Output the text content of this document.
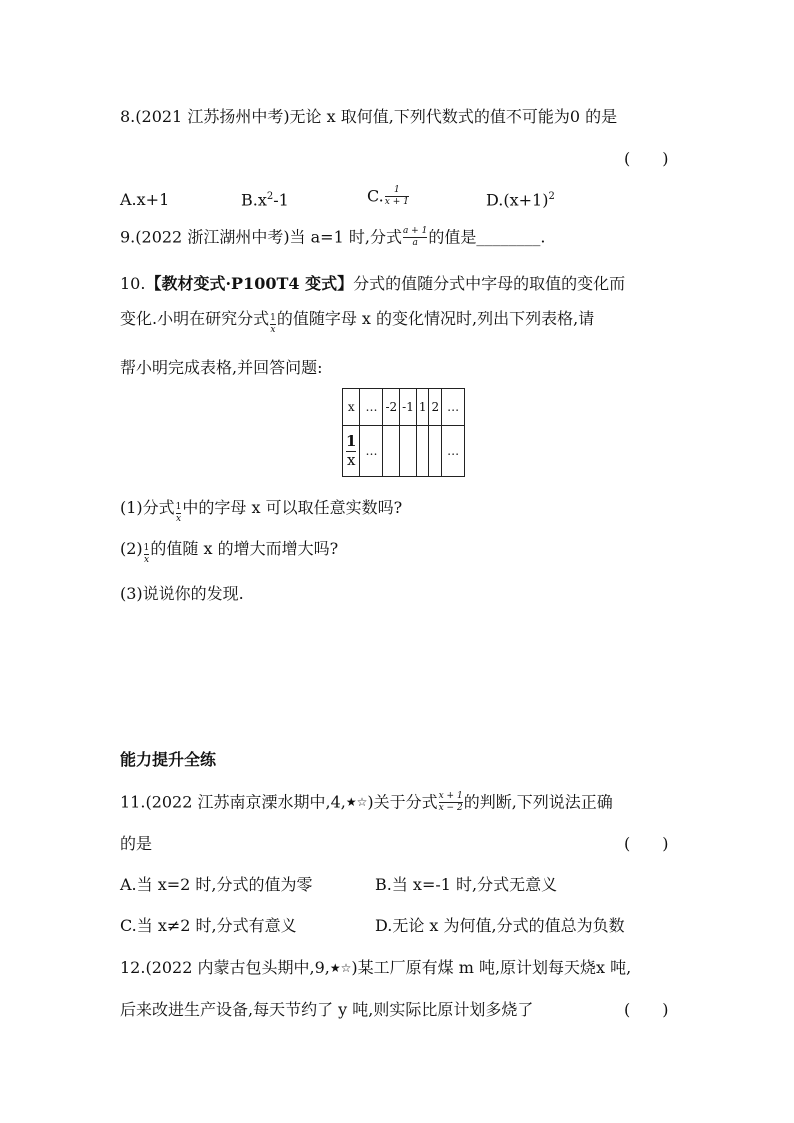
8.(2021 江苏扬州中考)无论 x 取何值,下列代数式的值不可能为0 的是
(　　)
A.x+1	$B.x^2-1$	C. $\frac{1}{x + 1}$	$D.(x+1)^2$
9.(2022 浙江湖州中考)当 a=1 时,分式 $\frac{a + 1}{a}$ 的值是________.
10.【教材变式·P100T4 变式】分式的值随分式中字母的取值的变化而
变化.小明在研究分式 $\frac{1}{x}$ 的值随字母 x 的变化情况时,列出下列表格,请
帮小明完成表格,并回答问题:
x	…	-2	-1	1	2	…

$\frac{1}{x}$	…					…
(1)分式 $\frac{1}{x}$ 中的字母 x 可以取任意实数吗?
$(2) \frac{1}{x}$ 的值随 x 的增大而增大吗?
(3)说说你的发现.
能力提升全练
11.(2022 江苏南京溧水期中,4,★☆)关于分式 $\frac{x + 1}{x - 2}$ 的判断,下列说法正确
的是	(　　)
A.当 x=2 时,分式的值为零	B.当 x=-1 时,分式无意义
C.当 x≠2 时,分式有意义	D.无论 x 为何值,分式的值总为负数
12.(2022 内蒙古包头期中,9,★☆)某工厂原有煤 m 吨,原计划每天烧x 吨,
后来改进生产设备,每天节约了 y 吨,则实际比原计划多烧了	(　　)
